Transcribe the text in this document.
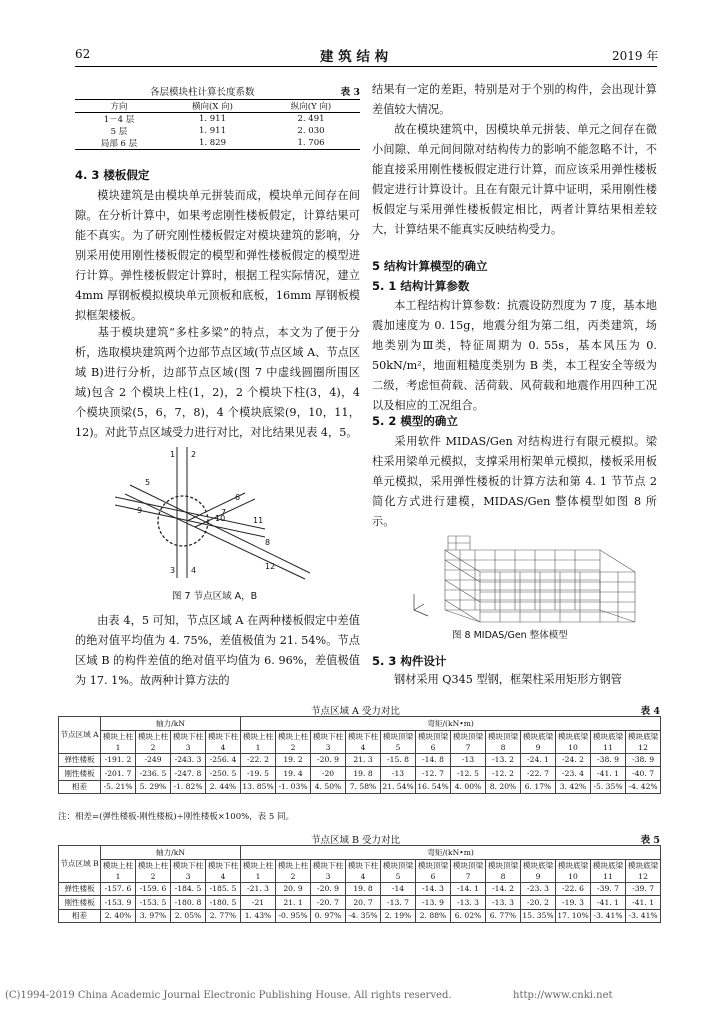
62	建 筑 结 构	2019 年
各层模块柱计算长度系数	表 3
方向	横向(X 向)	纵向(Y 向)
1－4 层	1. 911	2. 491
5 层	1. 911	2. 030
局部 6 层	1. 829	1. 706
4. 3 楼板假定
模块建筑是由模块单元拼装而成，模块单元间存在间隙。在分析计算中，如果考虑刚性楼板假定，计算结果可能不真实。为了研究刚性楼板假定对模块建筑的影响，分别采用使用刚性楼板假定的模型和弹性楼板假定的模型进行计算。弹性楼板假定计算时，根据工程实际情况，建立 4mm 厚钢板模拟模块单元顶板和底板，16mm 厚钢板模拟框架楼板。
基于模块建筑“多柱多梁”的特点，本文为了便于分析，选取模块建筑两个边部节点区域(节点区域 A、节点区域 B)进行分析，边部节点区域(图 7 中虚线圆圈所围区域)包含 2 个模块上柱(1，2)，2 个模块下柱(3，4)，4 个模块顶梁(5，6，7，8)，4 个模块底梁(9，10，11，12)。对此节点区域受力进行对比，对比结果见表 4，5。
1 2
3 4
5
6
7
8
9
10	11
12
图 7 节点区域 A，B
由表 4，5 可知，节点区域 A 在两种楼板假定中差值的绝对值平均值为 4. 75%，差值极值为 21. 54%。节点区域 B 的构件差值的绝对值平均值为 6. 96%，差值极值为 17. 1%。故两种计算方法的
结果有一定的差距，特别是对于个别的构件，会出现计算差值较大情况。
故在模块建筑中，因模块单元拼装、单元之间存在微小间隙、单元间间隙对结构传力的影响不能忽略不计，不能直接采用刚性楼板假定进行计算，而应该采用弹性楼板假定进行计算设计。且在有限元计算中证明，采用刚性楼板假定与采用弹性楼板假定相比，两者计算结果相差较大，计算结果不能真实反映结构受力。
5 结构计算模型的确立
5. 1 结构计算参数
本工程结构计算参数：抗震设防烈度为 7 度，基本地震加速度为 0. 15g，地震分组为第二组，丙类建筑，场地类别为Ⅲ类，特征周期为 0. 55s，基本风压为 0. 50kN/m²，地面粗糙度类别为 B 类，本工程安全等级为二级，考虑恒荷载、活荷载、风荷载和地震作用四种工况以及相应的工况组合。
5. 2 模型的确立
采用软件 MIDAS/Gen 对结构进行有限元模拟。梁柱采用梁单元模拟，支撑采用桁架单元模拟，楼板采用板单元模拟，采用弹性楼板的计算方法和第 4. 1 节节点 2 简化方式进行建模，MIDAS/Gen 整体模型如图 8 所示。
图 8 MIDAS/Gen 整体模型
5. 3 构件设计
钢材采用 Q345 型钢，框架柱采用矩形方钢管
节点区域 A 受力对比	表 4
节点区域 A	轴力/kN				弯矩/(kN•m)											
	模块上柱 1	模块上柱 2	模块下柱 3	模块下柱 4	模块上柱 1	模块上柱 2	模块下柱 3	模块下柱 4	模块顶梁 5	模块顶梁 6	模块顶梁 7	模块顶梁 8	模块底梁 9	模块底梁 10	模块底梁 11	模块底梁 12
弹性楼板	-191. 2	-249	-243. 3	-256. 4	-22. 2	19. 2	-20. 9	21. 3	-15. 8	-14. 8	-13	-13. 2	-24. 1	-24. 2	-38. 9	-38. 9
刚性楼板	-201. 7	-236. 5	-247. 8	-250. 5	-19. 5	19. 4	-20	19. 8	-13	-12. 7	-12. 5	-12. 2	-22. 7	-23. 4	-41. 1	-40. 7
相差	-5. 21%	5. 29%	-1. 82%	2. 44%	13. 85%	-1. 03%	4. 50%	7. 58%	21. 54%	16. 54%	4. 00%	8. 20%	6. 17%	3. 42%	-5. 35%	-4. 42%
注：相差=(弹性楼板-刚性楼板)÷刚性楼板×100%，表 5 同。
节点区域 B 受力对比	表 5
节点区域 B	轴力/kN				弯矩/(kN•m)											
	模块上柱 1	模块上柱 2	模块下柱 3	模块下柱 4	模块上柱 1	模块上柱 2	模块下柱 3	模块下柱 4	模块顶梁 5	模块顶梁 6	模块顶梁 7	模块顶梁 8	模块底梁 9	模块底梁 10	模块底梁 11	模块底梁 12
弹性楼板	-157. 6	-159. 6	-184. 5	-185. 5	-21. 3	20. 9	-20. 9	19. 8	-14	-14. 3	-14. 1	-14. 2	-23. 3	-22. 6	-39. 7	-39. 7
刚性楼板	-153. 9	-153. 5	-180. 8	-180. 5	-21	21. 1	-20. 7	20. 7	-13. 7	-13. 9	-13. 3	-13. 3	-20. 2	-19. 3	-41. 1	-41. 1
相差	2. 40%	3. 97%	2. 05%	2. 77%	1. 43%	-0. 95%	0. 97%	-4. 35%	2. 19%	2. 88%	6. 02%	6. 77%	15. 35%	17. 10%	-3. 41%	-3. 41%
(C)1994-2019 China Academic Journal Electronic Publishing House. All rights reserved.	http://www.cnki.net
